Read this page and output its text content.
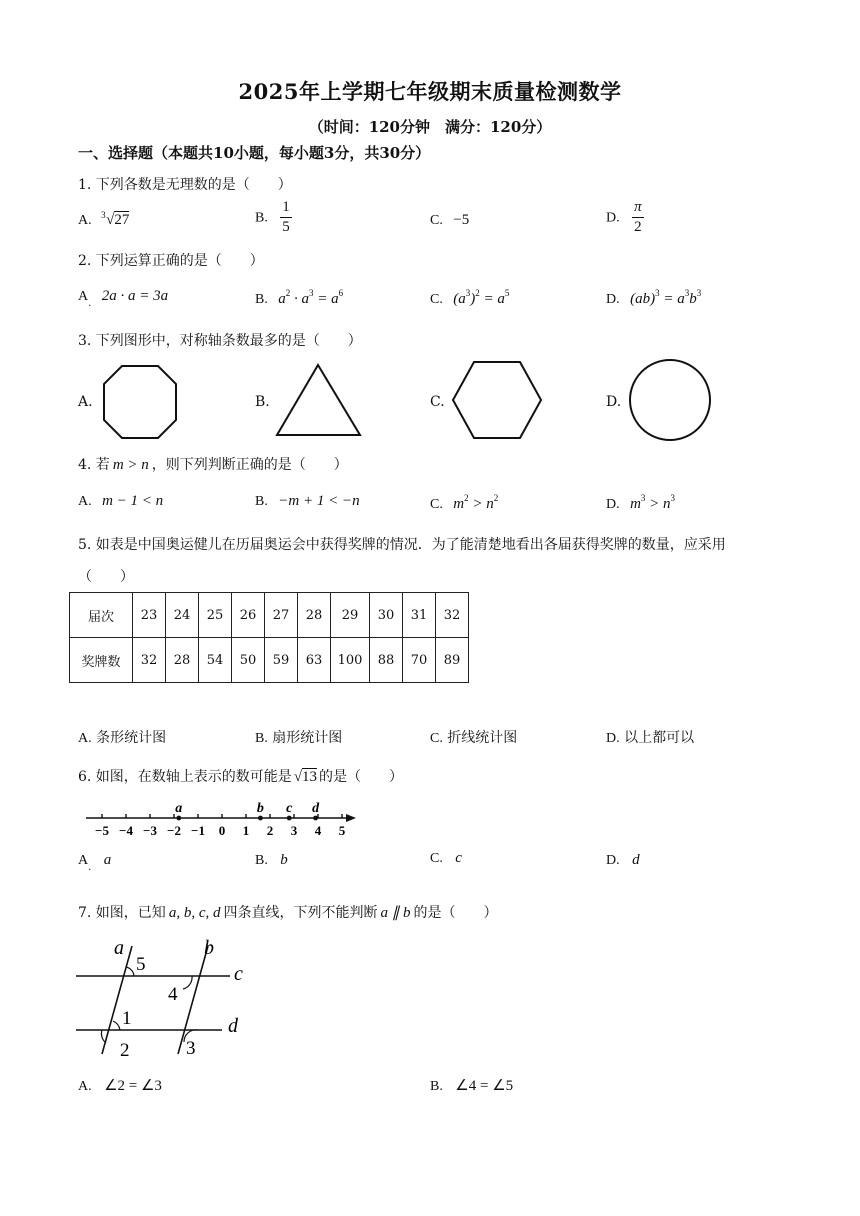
2025年上学期七年级期末质量检测数学
（时间：120分钟　满分：120分）
一、选择题（本题共10小题，每小题3分，共30分）
1. 下列各数是无理数的是（　　）
A. 3 √27	B. $\frac{1}{5}$	C. −5	D. $\frac{\pi}{2}$
2. 下列运算正确的是（　　）
$A_.$ 2a · a = 3a	B. $a^2 \cdot a^3 = a^6$	C. $(a^3)^2 = a^5$	D. $(ab)^3 = a^3b^3$
3. 下列图形中，对称轴条数最多的是（　　）
A.	B.	C.	D.
4. 若 m > n ，则下列判断正确的是（　　）
A. m − 1 < n	B. −m + 1 < −n	C. $m^2 > n^2$	D. $m^3 > n^3$
5. 如表是中国奥运健儿在历届奥运会中获得奖牌的情况．为了能清楚地看出各届获得奖牌的数量，应采用
（　　）
届次	23	24	25	26	27	28	29	30	31	32
奖牌数	32	28	54	50	59	63	100	88	70	89
A. 条形统计图	B. 扇形统计图	C. 折线统计图	D. 以上都可以
6. 如图，在数轴上表示的数可能是 √13 的是（　　）
−5 −4 −3 −2 −1 0 1 2 3 4 5
a	b c d
$A_.$ a	B. b	C. c	D. d
7. 如图，已知 a, b, c, d 四条直线，下列不能判断 a ∥ b 的是（　　）
a	b
c
d
5
4
1
2	3
A. ∠2 = ∠3	B. ∠4 = ∠5
